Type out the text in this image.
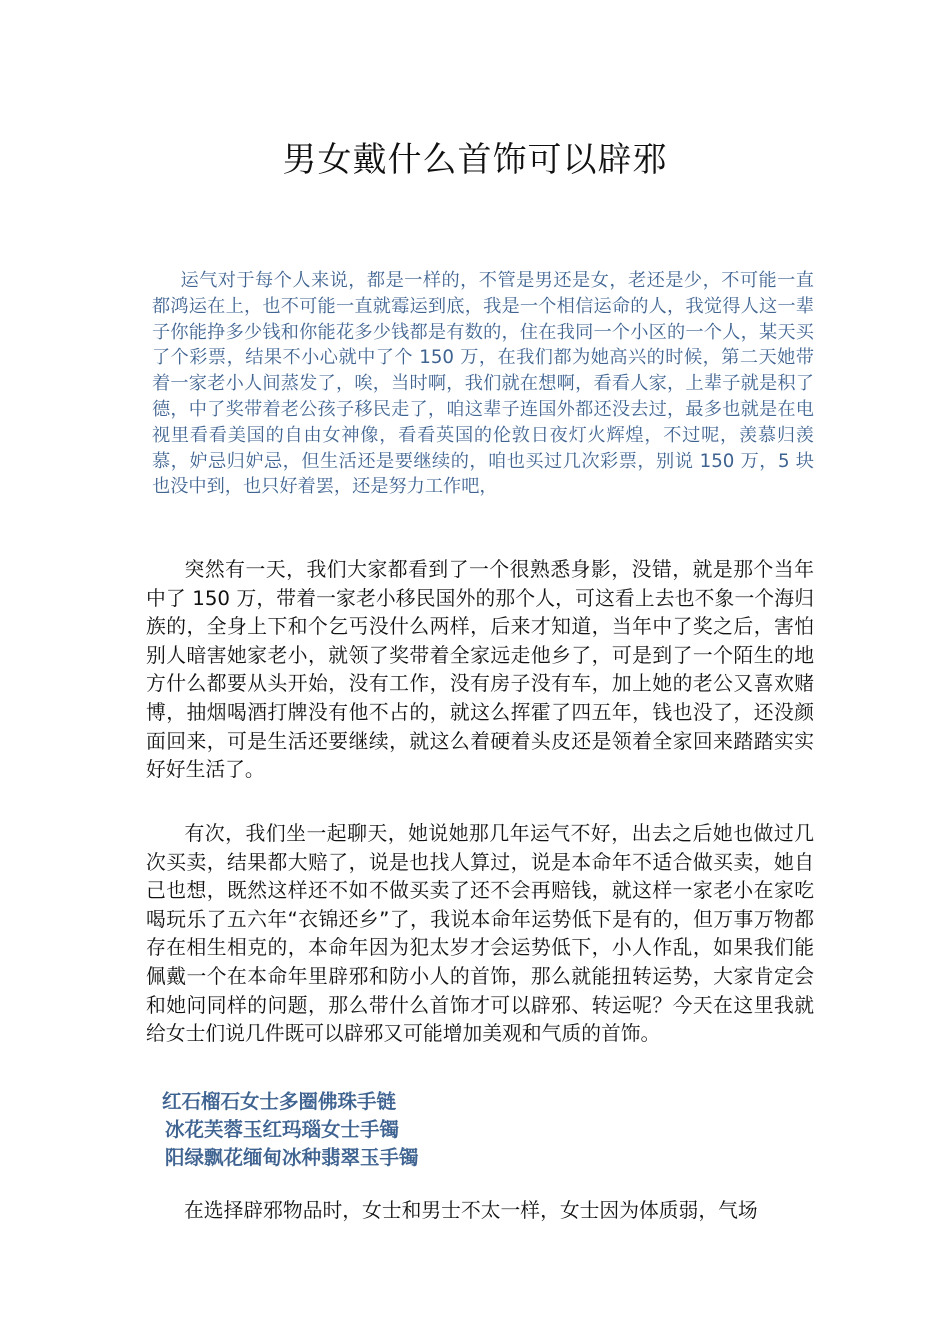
男女戴什么首饰可以辟邪

运气对于每个人来说，都是一样的，不管是男还是女，老还是少，不可能一直都鸿运在上，也不可能一直就霉运到底，我是一个相信运命的人，我觉得人这一辈子你能挣多少钱和你能花多少钱都是有数的，住在我同一个小区的一个人，某天买了个彩票，结果不小心就中了个 150 万，在我们都为她高兴的时候，第二天她带着一家老小人间蒸发了，唉，当时啊，我们就在想啊，看看人家，上辈子就是积了德，中了奖带着老公孩子移民走了，咱这辈子连国外都还没去过，最多也就是在电视里看看美国的自由女神像，看看英国的伦敦日夜灯火辉煌，不过呢，羡慕归羡慕，妒忌归妒忌，但生活还是要继续的，咱也买过几次彩票，别说 150 万，5 块也没中到，也只好着罢，还是努力工作吧，

突然有一天，我们大家都看到了一个很熟悉身影，没错，就是那个当年中了 150 万，带着一家老小移民国外的那个人，可这看上去也不象一个海归族的，全身上下和个乞丐没什么两样，后来才知道，当年中了奖之后，害怕别人暗害她家老小，就领了奖带着全家远走他乡了，可是到了一个陌生的地方什么都要从头开始，没有工作，没有房子没有车，加上她的老公又喜欢赌博，抽烟喝酒打牌没有他不占的，就这么挥霍了四五年，钱也没了，还没颜面回来，可是生活还要继续，就这么着硬着头皮还是领着全家回来踏踏实实好好生活了。

有次，我们坐一起聊天，她说她那几年运气不好，出去之后她也做过几次买卖，结果都大赔了，说是也找人算过，说是本命年不适合做买卖，她自己也想，既然这样还不如不做买卖了还不会再赔钱，就这样一家老小在家吃喝玩乐了五六年“衣锦还乡”了，我说本命年运势低下是有的，但万事万物都存在相生相克的，本命年因为犯太岁才会运势低下，小人作乱，如果我们能佩戴一个在本命年里辟邪和防小人的首饰，那么就能扭转运势，大家肯定会和她问同样的问题，那么带什么首饰才可以辟邪、转运呢？今天在这里我就给女士们说几件既可以辟邪又可能增加美观和气质的首饰。

红石榴石女士多圈佛珠手链
冰花芙蓉玉红玛瑙女士手镯
阳绿飘花缅甸冰种翡翠玉手镯

在选择辟邪物品时，女士和男士不太一样，女士因为体质弱，气场
